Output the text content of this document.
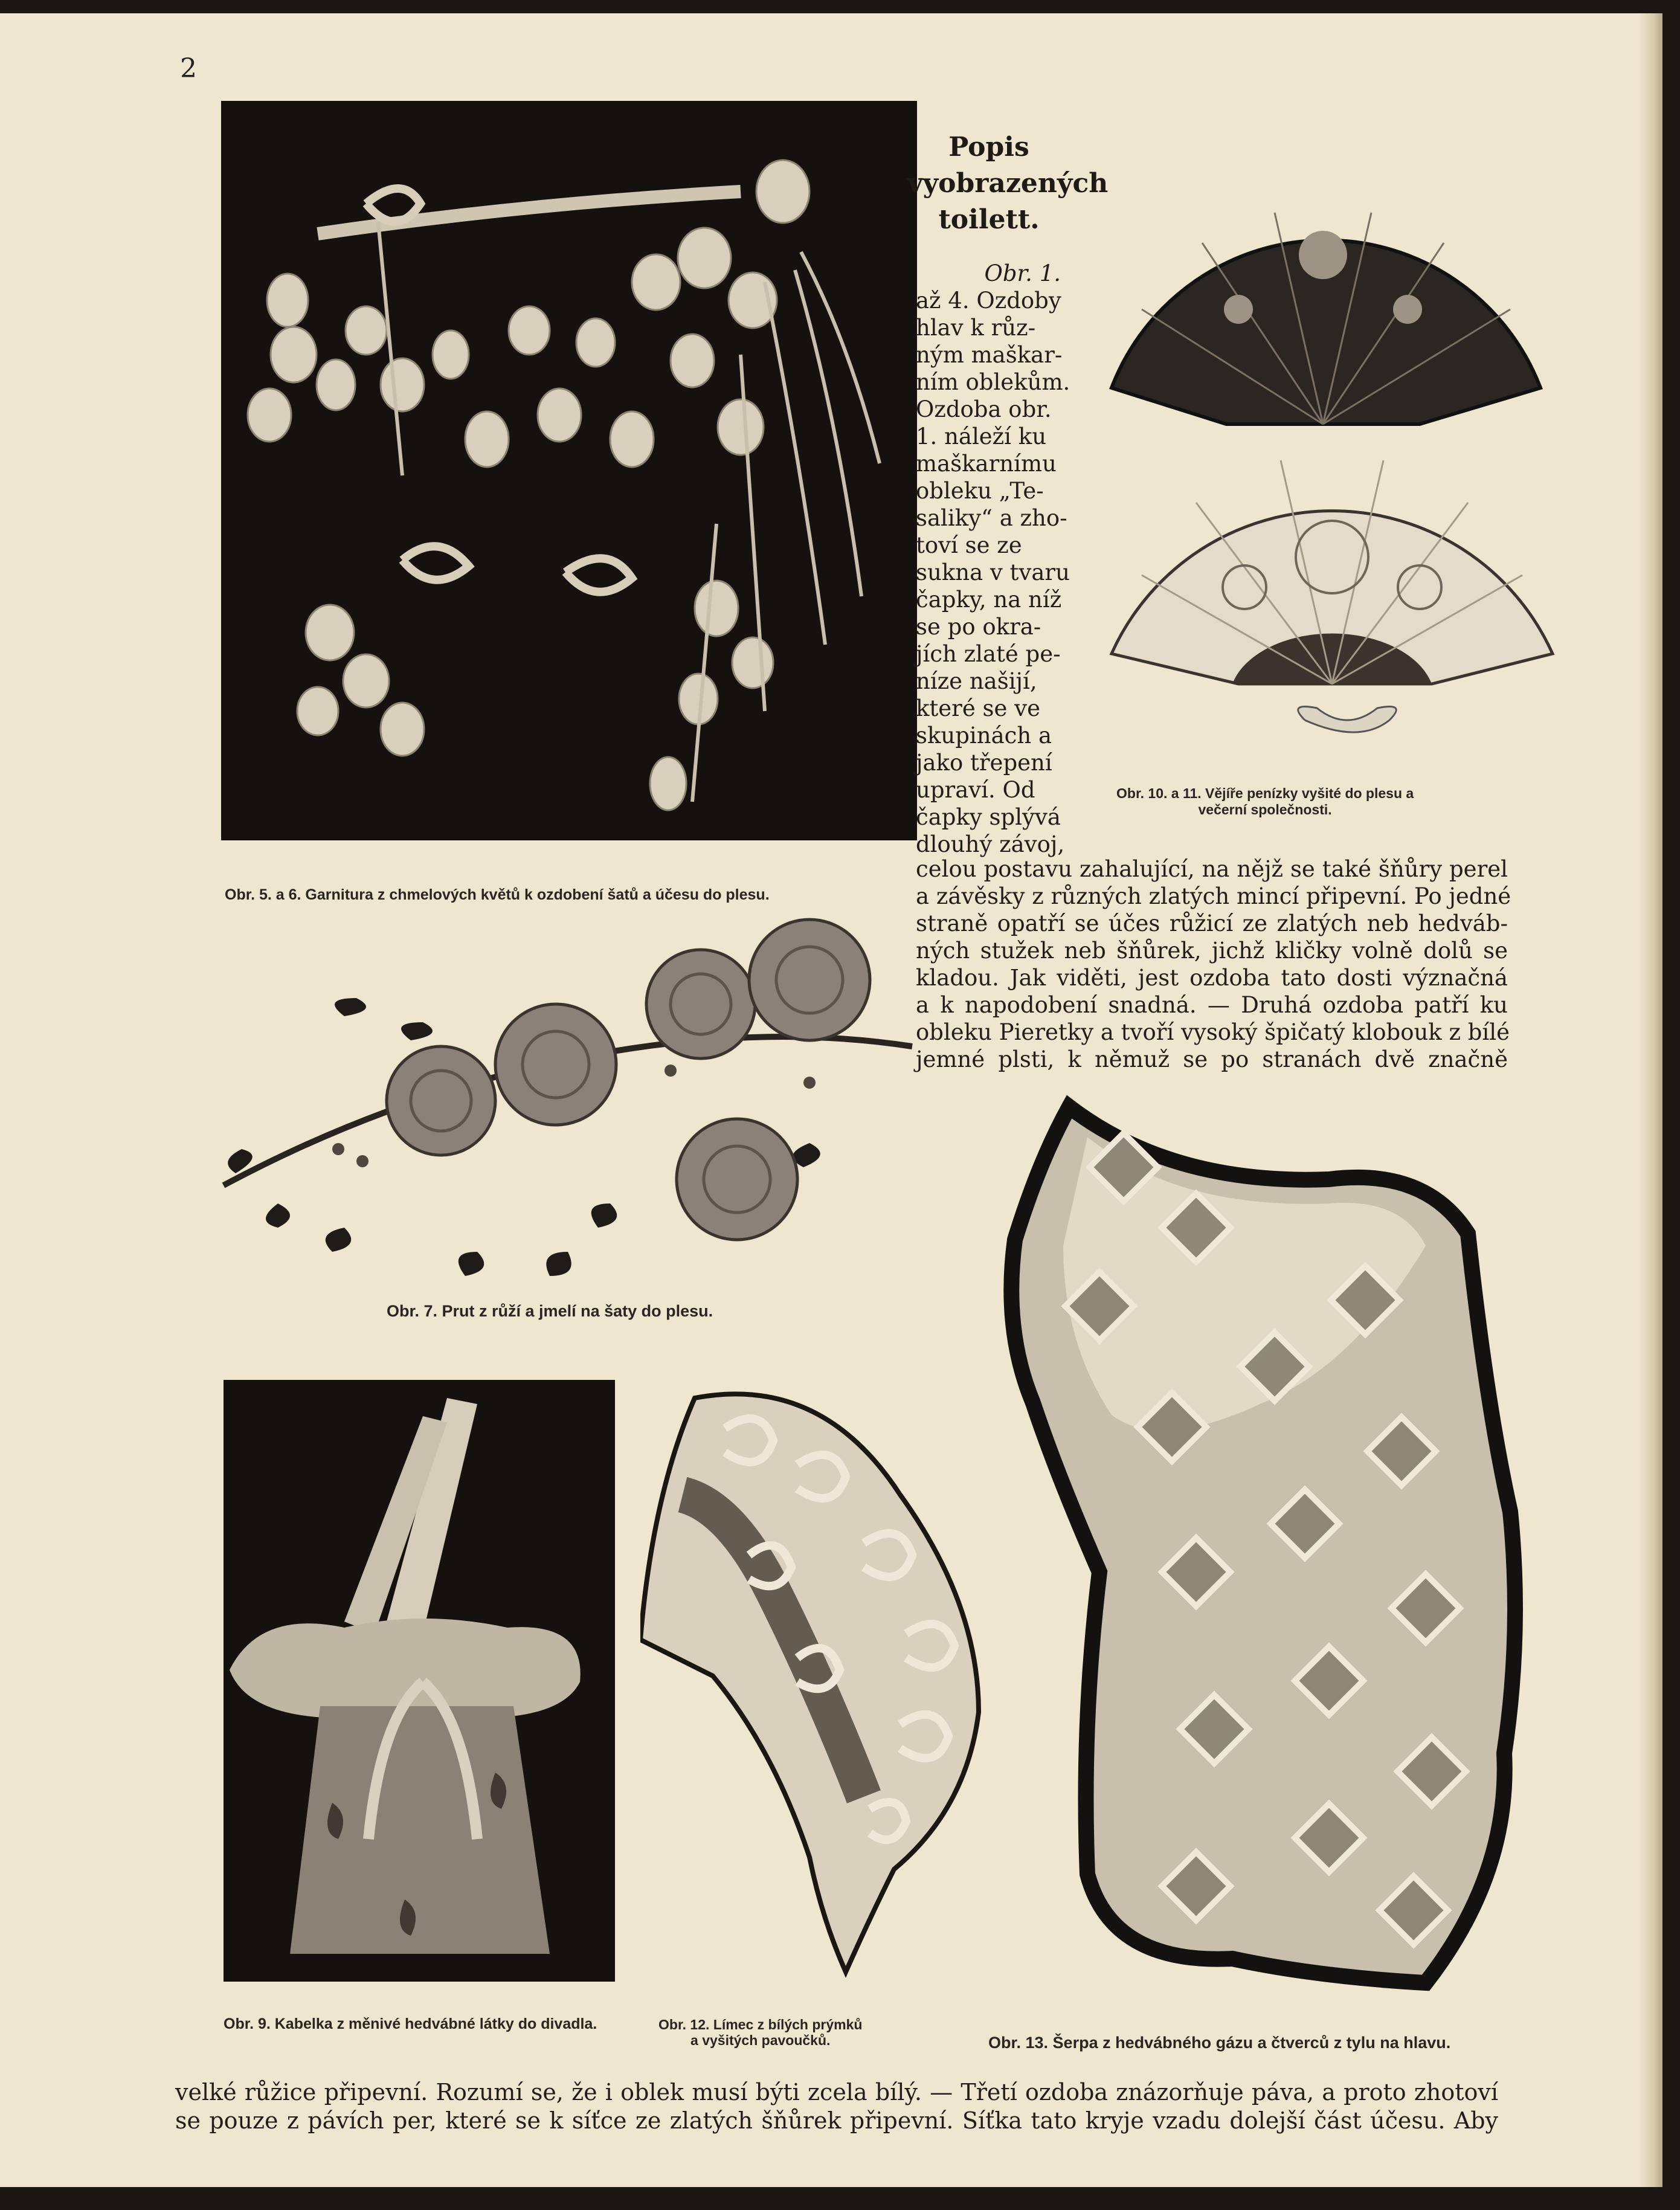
2
Obr. 5. a 6. Garnitura z chmelových květů k ozdobení šatů a účesu do plesu.
Popis
vyobrazených
toilett.
Obr. 1.
až 4. Ozdoby
hlav k růz-
ným maškar-
ním oblekům.
Ozdoba obr.
1. náleží ku
maškarnímu
obleku „Te-
saliky“ a zho-
toví se ze
sukna v tvaru
čapky, na níž
se po okra-
jích zlaté pe-
níze našijí,
které se ve
skupinách a
jako třepení
upraví. Od
čapky splývá
dlouhý závoj,
Obr. 10. a 11. Vějíře penízky vyšité do plesu a
večerní společnosti.
celou postavu zahalující, na nějž se také šňůry perel
a závěsky z různých zlatých mincí připevní. Po jedné
straně opatří se účes růžicí ze zlatých neb hedváb-
ných stužek neb šňůrek, jichž kličky volně dolů se
kladou. Jak viděti, jest ozdoba tato dosti význačná
a k napodobení snadná. — Druhá ozdoba patří ku
obleku Pieretky a tvoří vysoký špičatý klobouk z bílé
jemné plsti, k němuž se po stranách dvě značně
Obr. 7. Prut z růží a jmelí na šaty do plesu.
Obr. 9. Kabelka z měnivé hedvábné látky do divadla.	Obr. 12. Límec z bílých prýmků
a vyšitých pavoučků.	Obr. 13. Šerpa z hedvábného gázu a čtverců z tylu na hlavu.
velké růžice připevní. Rozumí se, že i oblek musí býti zcela bílý. — Třetí ozdoba znázorňuje páva, a proto zhotoví
se pouze z pávích per, které se k síťce ze zlatých šňůrek připevní. Síťka tato kryje vzadu dolejší část účesu. Aby
